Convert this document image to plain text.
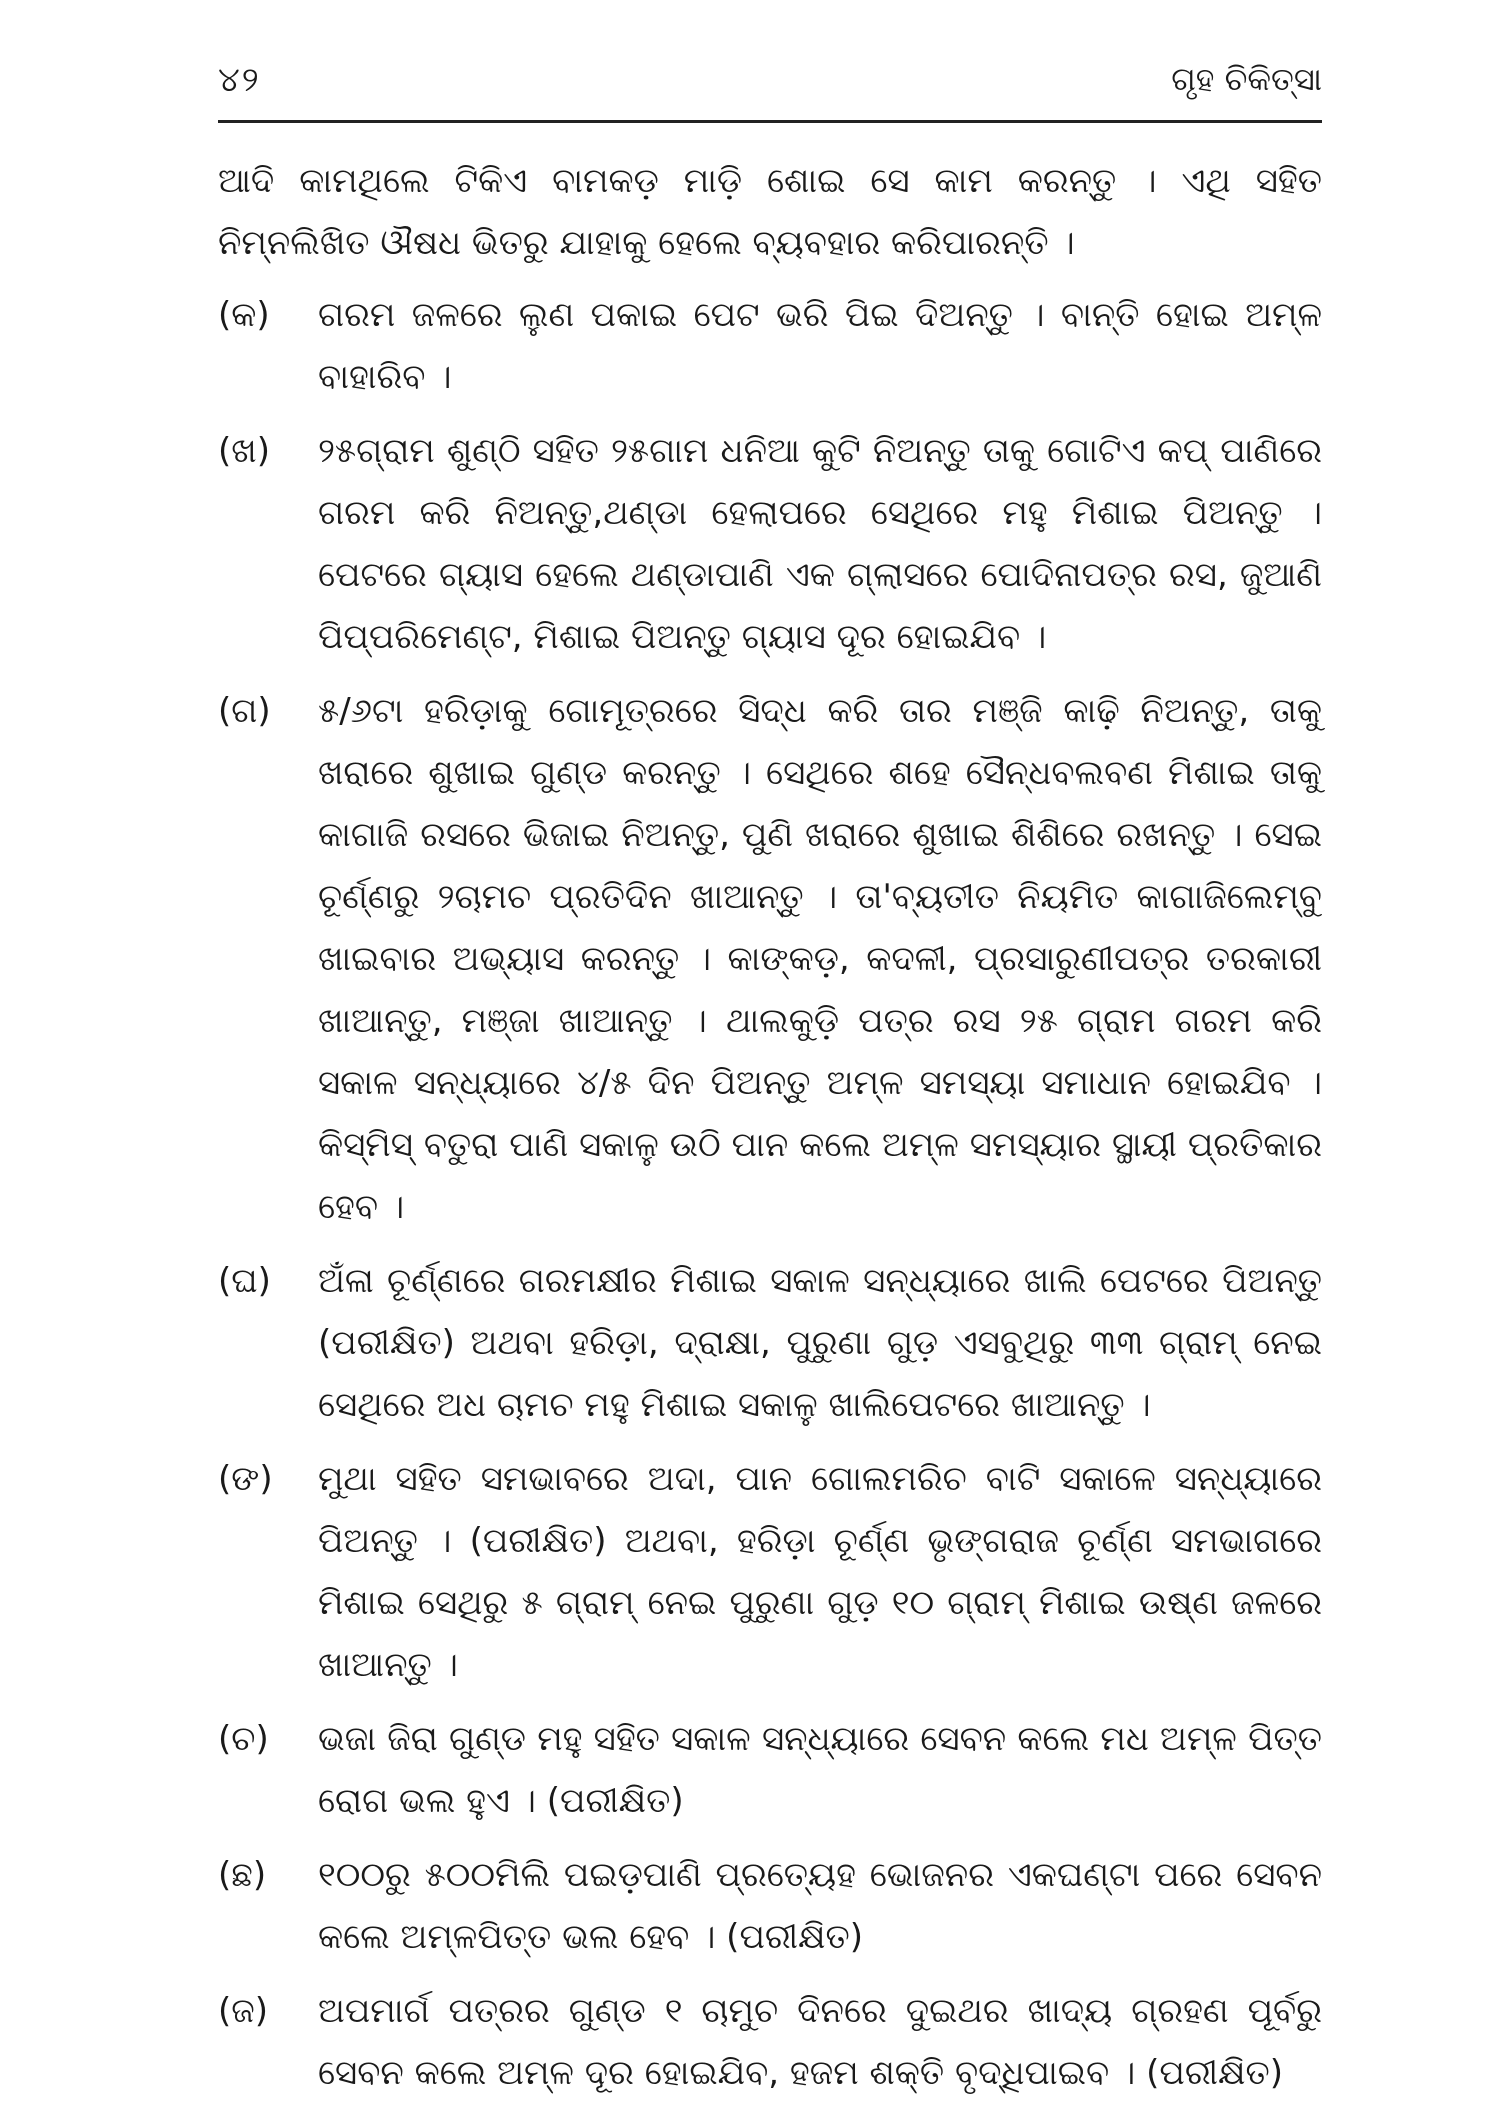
୪୨	ଗୃହ ଚିକିତ୍ସା

ଆଦି କାମଥିଲେ ଟିକିଏ ବାମକଡ଼ ମାଡ଼ି ଶୋଇ ସେ କାମ କରନ୍ତୁ । ଏଥି ସହିତ ନିମ୍ନଲିଖିତ ଔଷଧ ଭିତରୁ ଯାହାକୁ ହେଲେ ବ୍ୟବହାର କରିପାରନ୍ତି ।

(କ)	ଗରମ ଜଳରେ ଲୁଣ ପକାଇ ପେଟ ଭରି ପିଇ ଦିଅନ୍ତୁ । ବାନ୍ତି ହୋଇ ଅମ୍ଳ ବାହାରିବ ।
(ଖ)	୨୫ଗ୍ରାମ ଶୁଣ୍ଠି ସହିତ ୨୫ଗାମ ଧନିଆ କୁଟି ନିଅନ୍ତୁ ତାକୁ ଗୋଟିଏ କପ୍ ପାଣିରେ ଗରମ କରି ନିଅନ୍ତୁ,ଥଣ୍ଡା ହେଲାପରେ ସେଥିରେ ମହୁ ମିଶାଇ ପିଅନ୍ତୁ । ପେଟରେ ଗ୍ୟାସ ହେଲେ ଥଣ୍ଡାପାଣି ଏକ ଗ୍ଲାସରେ ପୋଦିନାପତ୍ର ରସ, ଜୁଆଣି ପିପ୍ପରିମେଣ୍ଟ, ମିଶାଇ ପିଅନ୍ତୁ ଗ୍ୟାସ ଦୂର ହୋଇଯିବ ।
(ଗ)	୫/୬ଟା ହରିଡ଼ାକୁ ଗୋମୂତ୍ରରେ ସିଦ୍ଧ କରି ତାର ମଞ୍ଜି କାଢ଼ି ନିଅନ୍ତୁ, ତାକୁ ଖରାରେ ଶୁଖାଇ ଗୁଣ୍ଡ କରନ୍ତୁ । ସେଥିରେ ଶହେ ସୈନ୍ଧବଲବଣ ମିଶାଇ ତାକୁ କାଗାଜି ରସରେ ଭିଜାଇ ନିଅନ୍ତୁ, ପୁଣି ଖରାରେ ଶୁଖାଇ ଶିଶିରେ ରଖନ୍ତୁ । ସେଇ ଚୂର୍ଣ୍ଣରୁ ୨ଚାମଚ ପ୍ରତିଦିନ ଖାଆନ୍ତୁ । ତା'ବ୍ୟତୀତ ନିୟମିତ କାଗାଜିଲେମ୍ବୁ ଖାଇବାର ଅଭ୍ୟାସ କରନ୍ତୁ । କାଙ୍କଡ଼, କଦଳୀ, ପ୍ରସାରୁଣୀପତ୍ର ତରକାରୀ ଖାଆନ୍ତୁ, ମଞ୍ଜା ଖାଆନ୍ତୁ । ଥାଲକୁଡ଼ି ପତ୍ର ରସ ୨୫ ଗ୍ରାମ ଗରମ କରି ସକାଳ ସନ୍ଧ୍ୟାରେ ୪/୫ ଦିନ ପିଅନ୍ତୁ ଅମ୍ଳ ସମସ୍ୟା ସମାଧାନ ହୋଇଯିବ । କିସ୍‌ମିସ୍ ବତୁରା ପାଣି ସକାଳୁ ଉଠି ପାନ କଲେ ଅମ୍ଳ ସମସ୍ୟାର ସ୍ଥାୟୀ ପ୍ରତିକାର ହେବ ।
(ଘ)	ଅଁଳା ଚୂର୍ଣ୍ଣରେ ଗରମକ୍ଷୀର ମିଶାଇ ସକାଳ ସନ୍ଧ୍ୟାରେ ଖାଲି ପେଟରେ ପିଅନ୍ତୁ (ପରୀକ୍ଷିତ) ଅଥବା ହରିଡ଼ା, ଦ୍ରାକ୍ଷା, ପୁରୁଣା ଗୁଡ଼ ଏସବୁଥିରୁ ୩୩ ଗ୍ରାମ୍ ନେଇ ସେଥିରେ ଅଧ ଚାମଚ ମହୁ ମିଶାଇ ସକାଳୁ ଖାଲିପେଟରେ ଖାଆନ୍ତୁ ।
(ଙ)	ମୁଥା ସହିତ ସମଭାବରେ ଅଦା, ପାନ ଗୋଲମରିଚ ବାଟି ସକାଳେ ସନ୍ଧ୍ୟାରେ ପିଅନ୍ତୁ । (ପରୀକ୍ଷିତ) ଅଥବା, ହରିଡ଼ା ଚୂର୍ଣ୍ଣ ଭୃଙ୍ଗରାଜ ଚୂର୍ଣ୍ଣ ସମଭାଗରେ ମିଶାଇ ସେଥିରୁ ୫ ଗ୍ରାମ୍ ନେଇ ପୁରୁଣା ଗୁଡ଼ ୧୦ ଗ୍ରାମ୍ ମିଶାଇ ଉଷ୍ଣ ଜଳରେ ଖାଆନ୍ତୁ ।
(ଚ)	ଭଜା ଜିରା ଗୁଣ୍ଡ ମହୁ ସହିତ ସକାଳ ସନ୍ଧ୍ୟାରେ ସେବନ କଲେ ମଧ ଅମ୍ଳ ପିତ୍ତ ରୋଗ ଭଲ ହୁଏ । (ପରୀକ୍ଷିତ)
(ଛ)	୧୦୦ରୁ ୫୦୦ମିଲି ପଇଡ଼ପାଣି ପ୍ରତ୍ୟେହ ଭୋଜନର ଏକଘଣ୍ଟା ପରେ ସେବନ କଲେ ଅମ୍ଳପିତ୍ତ ଭଲ ହେବ । (ପରୀକ୍ଷିତ)
(ଜ)	ଅପମାର୍ଗ ପତ୍ରର ଗୁଣ୍ଡ ୧ ଚାମୁଚ ଦିନରେ ଦୁଇଥର ଖାଦ୍ୟ ଗ୍ରହଣ ପୂର୍ବରୁ ସେବନ କଲେ ଅମ୍ଳ ଦୂର ହୋଇଯିବ, ହଜମ ଶକ୍ତି ବୃଦ୍ଧିପାଇବ । (ପରୀକ୍ଷିତ)
